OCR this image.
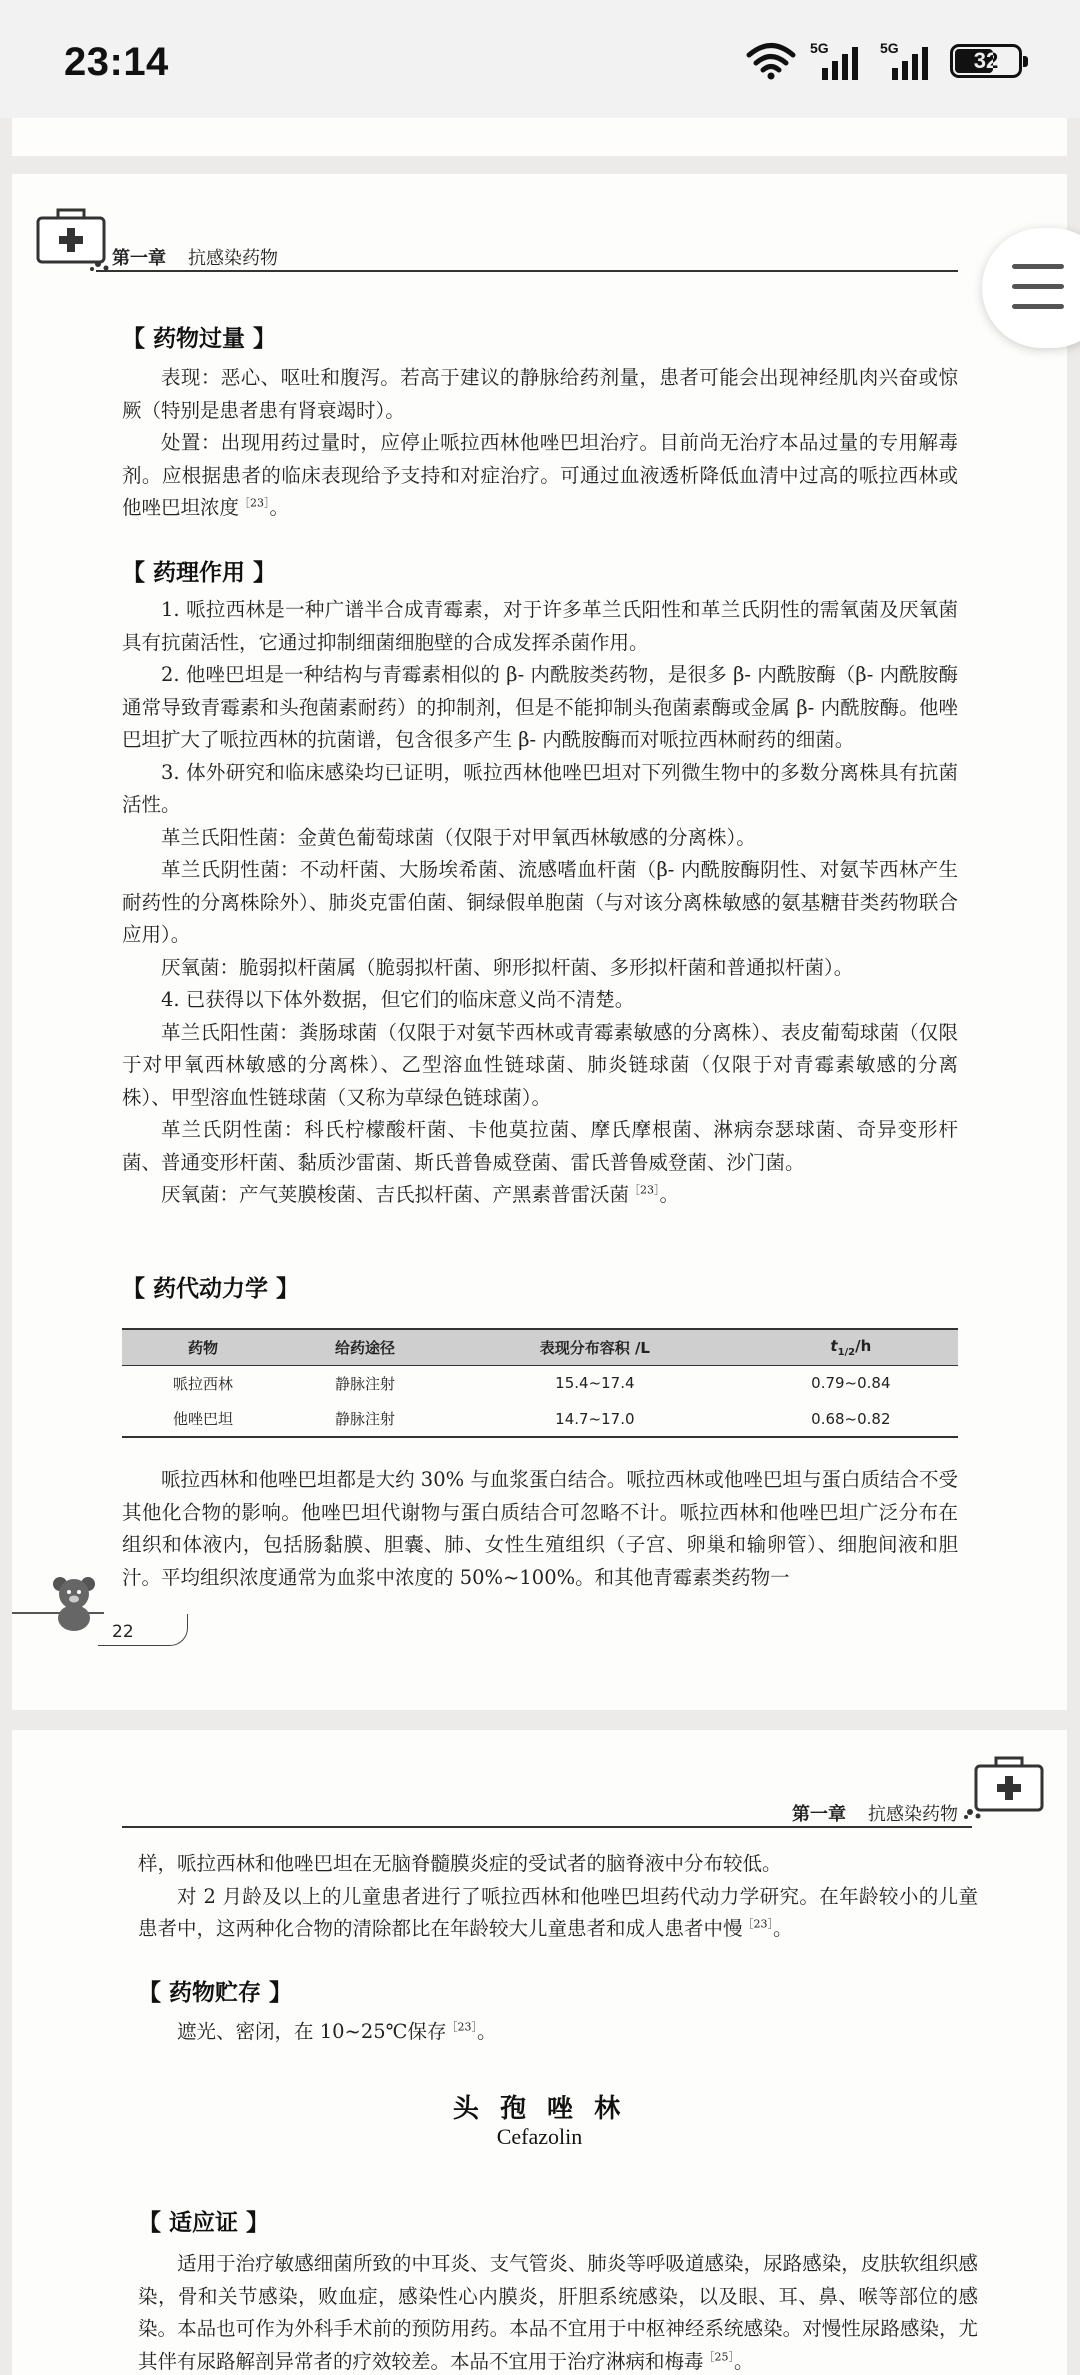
23:14	5G	5G	32
第一章 抗感染药物
【 药物过量 】

表现：恶心、呕吐和腹泻。若高于建议的静脉给药剂量，患者可能会出现神经肌肉兴奋或惊厥（特别是患者患有肾衰竭时）。

处置：出现用药过量时，应停止哌拉西林他唑巴坦治疗。目前尚无治疗本品过量的专用解毒剂。应根据患者的临床表现给予支持和对症治疗。可通过血液透析降低血清中过高的哌拉西林或他唑巴坦浓度$^{[23]}$。

【 药理作用 】

1. 哌拉西林是一种广谱半合成青霉素，对于许多革兰氏阳性和革兰氏阴性的需氧菌及厌氧菌具有抗菌活性，它通过抑制细菌细胞壁的合成发挥杀菌作用。

2. 他唑巴坦是一种结构与青霉素相似的 β- 内酰胺类药物，是很多 β- 内酰胺酶（β- 内酰胺酶通常导致青霉素和头孢菌素耐药）的抑制剂，但是不能抑制头孢菌素酶或金属 β- 内酰胺酶。他唑巴坦扩大了哌拉西林的抗菌谱，包含很多产生 β- 内酰胺酶而对哌拉西林耐药的细菌。

3. 体外研究和临床感染均已证明，哌拉西林他唑巴坦对下列微生物中的多数分离株具有抗菌活性。

革兰氏阳性菌：金黄色葡萄球菌（仅限于对甲氧西林敏感的分离株）。

革兰氏阴性菌：不动杆菌、大肠埃希菌、流感嗜血杆菌（β- 内酰胺酶阴性、对氨苄西林产生耐药性的分离株除外）、肺炎克雷伯菌、铜绿假单胞菌（与对该分离株敏感的氨基糖苷类药物联合应用）。

厌氧菌：脆弱拟杆菌属（脆弱拟杆菌、卵形拟杆菌、多形拟杆菌和普通拟杆菌）。

4. 已获得以下体外数据，但它们的临床意义尚不清楚。

革兰氏阳性菌：粪肠球菌（仅限于对氨苄西林或青霉素敏感的分离株）、表皮葡萄球菌（仅限于对甲氧西林敏感的分离株）、乙型溶血性链球菌、肺炎链球菌（仅限于对青霉素敏感的分离株）、甲型溶血性链球菌（又称为草绿色链球菌）。

革兰氏阴性菌：科氏柠檬酸杆菌、卡他莫拉菌、摩氏摩根菌、淋病奈瑟球菌、奇异变形杆菌、普通变形杆菌、黏质沙雷菌、斯氏普鲁威登菌、雷氏普鲁威登菌、沙门菌。

厌氧菌：产气荚膜梭菌、吉氏拟杆菌、产黑素普雷沃菌$^{[23]}$。

【 药代动力学 】
药物	给药途径	表现分布容积 /L	$t_{1/2}/h$
哌拉西林	静脉注射	15.4~17.4	0.79~0.84
他唑巴坦	静脉注射	14.7~17.0	0.68~0.82

哌拉西林和他唑巴坦都是大约 30% 与血浆蛋白结合。哌拉西林或他唑巴坦与蛋白质结合不受其他化合物的影响。他唑巴坦代谢物与蛋白质结合可忽略不计。哌拉西林和他唑巴坦广泛分布在组织和体液内，包括肠黏膜、胆囊、肺、女性生殖组织（子宫、卵巢和输卵管）、细胞间液和胆汁。平均组织浓度通常为血浆中浓度的 50%~100%。和其他青霉素类药物一

22
第一章 抗感染药物

样，哌拉西林和他唑巴坦在无脑脊髓膜炎症的受试者的脑脊液中分布较低。

对 2 月龄及以上的儿童患者进行了哌拉西林和他唑巴坦药代动力学研究。在年龄较小的儿童患者中，这两种化合物的清除都比在年龄较大儿童患者和成人患者中慢$^{[23]}$。

【 药物贮存 】

遮光、密闭，在 10~25℃保存$^{[23]}$。

头 孢 唑 林
Cefazolin
【 适应证 】

适用于治疗敏感细菌所致的中耳炎、支气管炎、肺炎等呼吸道感染，尿路感染，皮肤软组织感染，骨和关节感染，败血症，感染性心内膜炎，肝胆系统感染，以及眼、耳、鼻、喉等部位的感染。本品也可作为外科手术前的预防用药。本品不宜用于中枢神经系统感染。对慢性尿路感染，尤其伴有尿路解剖异常者的疗效较差。本品不宜用于治疗淋病和梅毒$^{[25]}$。
